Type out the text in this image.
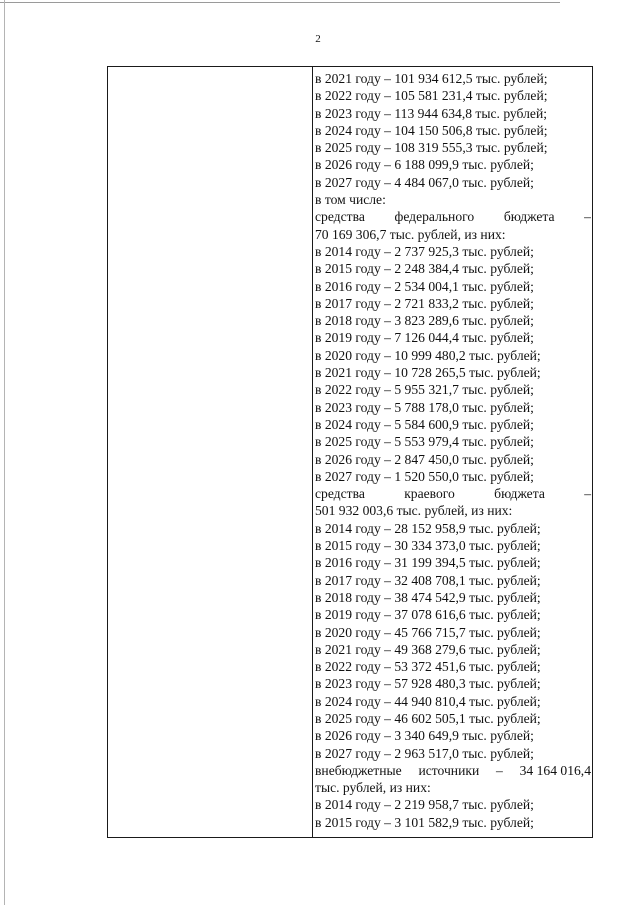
2
в 2021 году – 101 934 612,5 тыс. рублей;
в 2022 году – 105 581 231,4 тыс. рублей;
в 2023 году – 113 944 634,8 тыс. рублей;
в 2024 году – 104 150 506,8 тыс. рублей;
в 2025 году – 108 319 555,3 тыс. рублей;
в 2026 году – 6 188 099,9 тыс. рублей;
в 2027 году – 4 484 067,0 тыс. рублей;
в том числе:
средства федерального бюджета –
70 169 306,7 тыс. рублей, из них:
в 2014 году – 2 737 925,3 тыс. рублей;
в 2015 году – 2 248 384,4 тыс. рублей;
в 2016 году – 2 534 004,1 тыс. рублей;
в 2017 году – 2 721 833,2 тыс. рублей;
в 2018 году – 3 823 289,6 тыс. рублей;
в 2019 году – 7 126 044,4 тыс. рублей;
в 2020 году – 10 999 480,2 тыс. рублей;
в 2021 году – 10 728 265,5 тыс. рублей;
в 2022 году – 5 955 321,7 тыс. рублей;
в 2023 году – 5 788 178,0 тыс. рублей;
в 2024 году – 5 584 600,9 тыс. рублей;
в 2025 году – 5 553 979,4 тыс. рублей;
в 2026 году – 2 847 450,0 тыс. рублей;
в 2027 году – 1 520 550,0 тыс. рублей;
средства	краевого	бюджета	–
501 932 003,6 тыс. рублей, из них:
в 2014 году – 28 152 958,9 тыс. рублей;
в 2015 году – 30 334 373,0 тыс. рублей;
в 2016 году – 31 199 394,5 тыс. рублей;
в 2017 году – 32 408 708,1 тыс. рублей;
в 2018 году – 38 474 542,9 тыс. рублей;
в 2019 году – 37 078 616,6 тыс. рублей;
в 2020 году – 45 766 715,7 тыс. рублей;
в 2021 году – 49 368 279,6 тыс. рублей;
в 2022 году – 53 372 451,6 тыс. рублей;
в 2023 году – 57 928 480,3 тыс. рублей;
в 2024 году – 44 940 810,4 тыс. рублей;
в 2025 году – 46 602 505,1 тыс. рублей;
в 2026 году – 3 340 649,9 тыс. рублей;
в 2027 году – 2 963 517,0 тыс. рублей;
внебюджетные источники – 34 164 016,4
тыс. рублей, из них:
в 2014 году – 2 219 958,7 тыс. рублей;
в 2015 году – 3 101 582,9 тыс. рублей;
